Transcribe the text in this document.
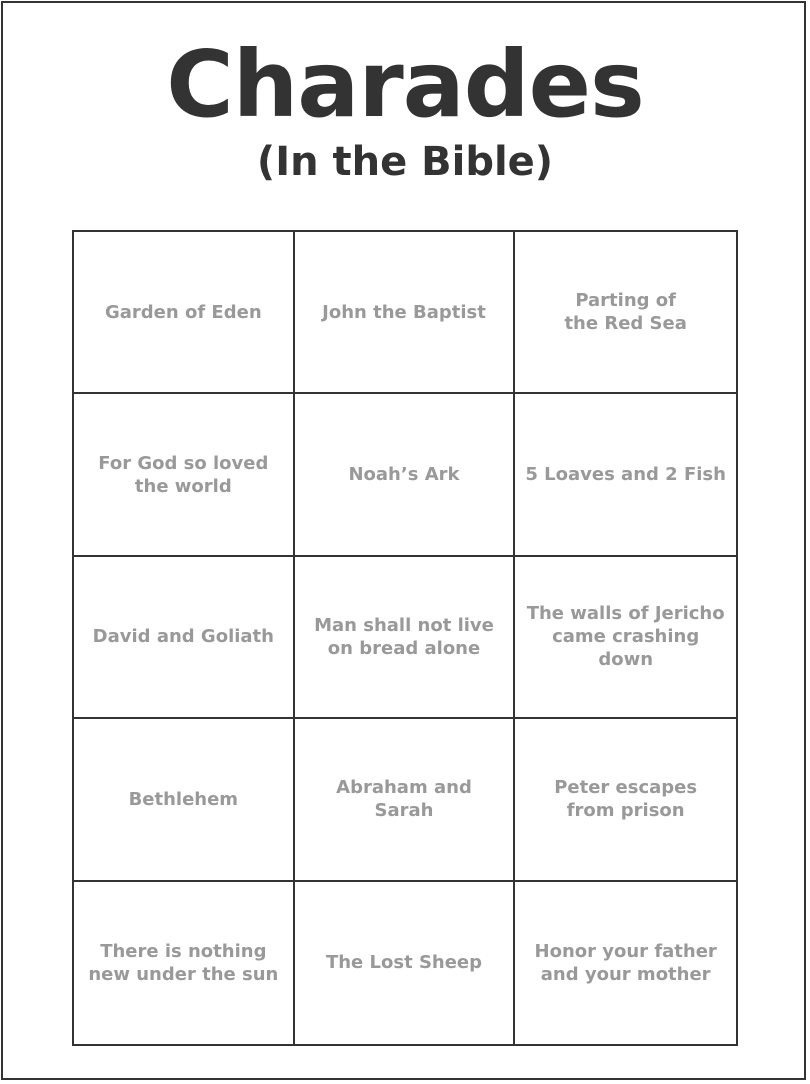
Charades
(In the Bible)
Garden of Eden	John the Baptist
Parting of
the Red Sea
For God so loved
the world
Noah’s Ark	5 Loaves and 2 Fish
David and Goliath
Man shall not live
on bread alone
The walls of Jericho
came crashing down
Bethlehem
Abraham and Sarah
Peter escapes
from prison
There is nothing
new under the sun
The Lost Sheep
Honor your father
and your mother
